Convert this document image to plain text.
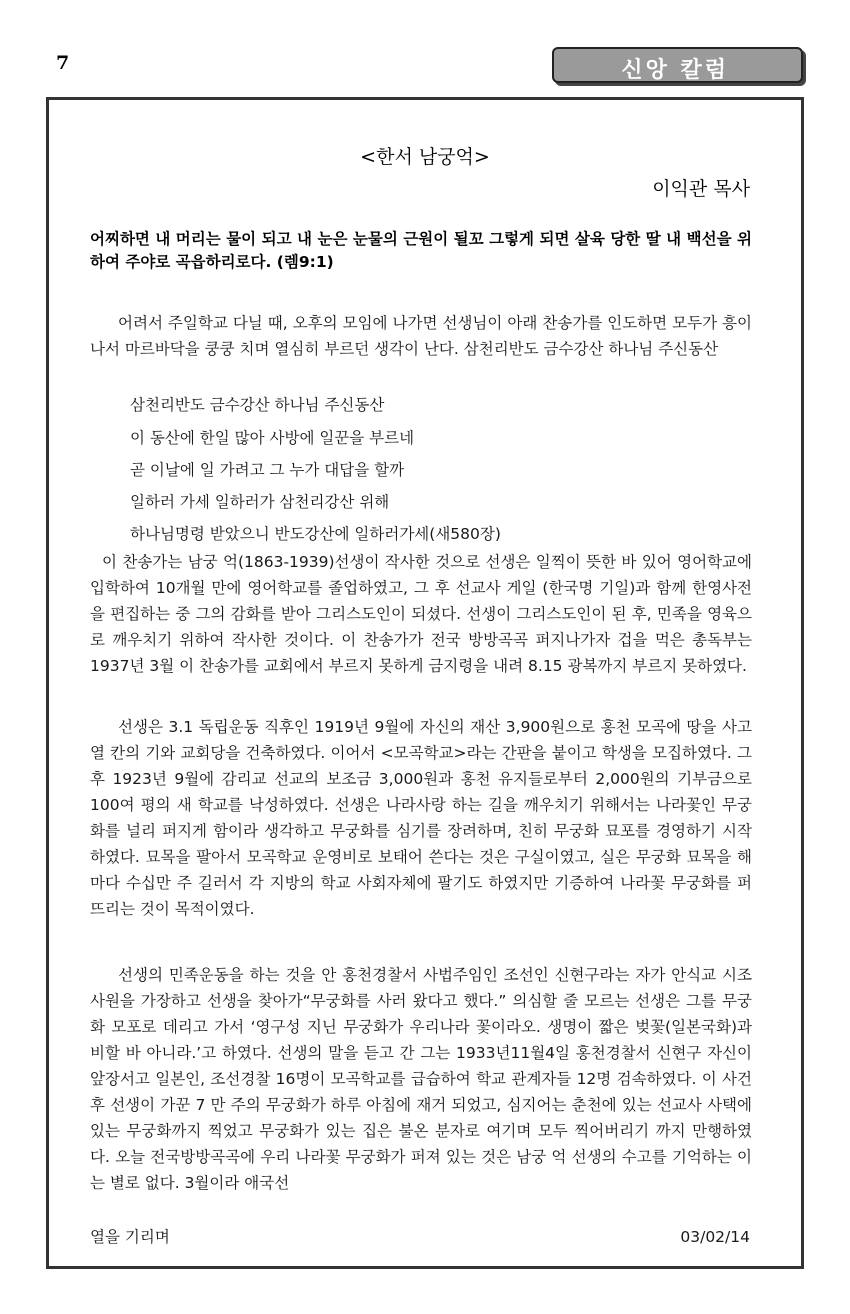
7	신앙 칼럼
<한서 남궁억>
이익관 목사
어찌하면 내 머리는 물이 되고 내 눈은 눈물의 근원이 될꼬 그렇게 되면 살육 당한 딸 내 백선을 위하여 주야로 곡읍하리로다. (렘9:1)
어려서 주일학교 다닐 때, 오후의 모임에 나가면 선생님이 아래 찬송가를 인도하면 모두가 흥이 나서 마르바닥을 쿵쿵 치며 열심히 부르던 생각이 난다. 삼천리반도 금수강산 하나님 주신동산
삼천리반도 금수강산 하나님 주신동산
이 동산에 한일 많아 사방에 일꾼을 부르네
곧 이날에 일 가려고 그 누가 대답을 할까
일하러 가세 일하러가 삼천리강산 위해
하나님명령 받았으니 반도강산에 일하러가세(새580장)
이 찬송가는 남궁 억(1863-1939)선생이 작사한 것으로 선생은 일찍이 뜻한 바 있어 영어학교에 입학하여 10개월 만에 영어학교를 졸업하였고, 그 후 선교사 게일 (한국명 기일)과 함께 한영사전을 편집하는 중 그의 감화를 받아 그리스도인이 되셨다. 선생이 그리스도인이 된 후, 민족을 영육으로 깨우치기 위하여 작사한 것이다. 이 찬송가가 전국 방방곡곡 퍼지나가자 겁을 먹은 총독부는 1937년 3월 이 찬송가를 교회에서 부르지 못하게 금지령을 내려 8.15 광복까지 부르지 못하였다.
선생은 3.1 독립운동 직후인 1919년 9월에 자신의 재산 3,900원으로 홍천 모곡에 땅을 사고 열 칸의 기와 교회당을 건축하였다. 이어서 <모곡학교>라는 간판을 붙이고 학생을 모집하였다. 그 후 1923년 9월에 감리교 선교의 보조금 3,000원과 홍천 유지들로부터 2,000원의 기부금으로 100여 평의 새 학교를 낙성하였다. 선생은 나라사랑 하는 길을 깨우치기 위해서는 나라꽃인 무궁화를 널리 퍼지게 함이라 생각하고 무궁화를 심기를 장려하며, 친히 무궁화 묘포를 경영하기 시작하였다. 묘목을 팔아서 모곡학교 운영비로 보태어 쓴다는 것은 구실이였고, 실은 무궁화 묘목을 해마다 수십만 주 길러서 각 지방의 학교 사회자체에 팔기도 하였지만 기증하여 나라꽃 무궁화를 퍼뜨리는 것이 목적이였다.
선생의 민족운동을 하는 것을 안 홍천경찰서 사법주임인 조선인 신현구라는 자가 안식교 시조 사원을 가장하고 선생을 찾아가“무궁화를 사러 왔다고 했다.” 의심할 줄 모르는 선생은 그를 무궁화 모포로 데리고 가서 ‘영구성 지닌 무궁화가 우리나라 꽃이라오. 생명이 짧은 벚꽃(일본국화)과 비할 바 아니라.’고 하였다. 선생의 말을 듣고 간 그는 1933년11월4일 홍천경찰서 신현구 자신이 앞장서고 일본인, 조선경찰 16명이 모곡학교를 급습하여 학교 관계자들 12명 검속하였다. 이 사건 후 선생이 가꾼 7 만 주의 무궁화가 하루 아침에 재거 되었고, 심지어는 춘천에 있는 선교사 사택에 있는 무궁화까지 찍었고 무궁화가 있는 집은 불온 분자로 여기며 모두 찍어버리기 까지 만행하였다. 오늘 전국방방곡곡에 우리 나라꽃 무궁화가 퍼져 있는 것은 남궁 억 선생의 수고를 기억하는 이는 별로 없다. 3월이라 애국선
열을 기리며	03/02/14
